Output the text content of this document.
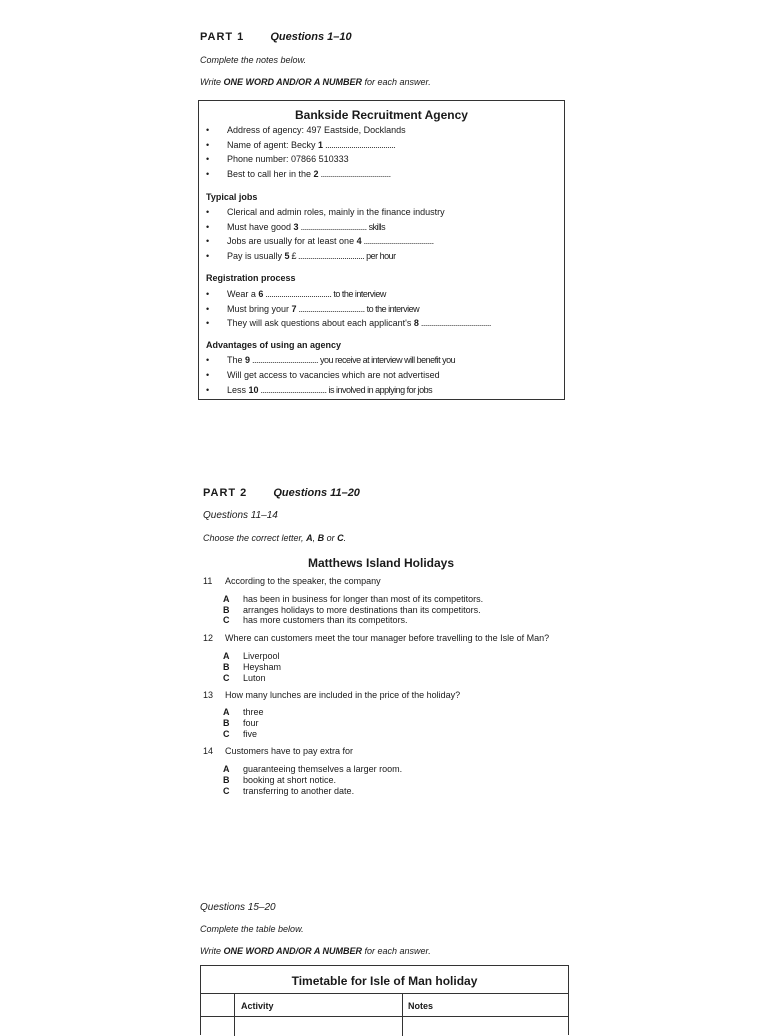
PART 1 Questions 1–10
Complete the notes below.
Write ONE WORD AND/OR A NUMBER for each answer.
Bankside Recruitment Agency
• Address of agency: 497 Eastside, Docklands
• Name of agent: Becky 1 ...................................
• Phone number: 07866 510333
• Best to call her in the 2 ...................................
Typical jobs
• Clerical and admin roles, mainly in the finance industry
• Must have good 3 ................................. skills
• Jobs are usually for at least one 4 ...................................
• Pay is usually 5 £ ................................. per hour
Registration process
• Wear a 6 ................................. to the interview
• Must bring your 7 ................................. to the interview
• They will ask questions about each applicant's 8 ...................................
Advantages of using an agency
• The 9 ................................. you receive at interview will benefit you
• Will get access to vacancies which are not advertised
• Less 10 ................................. is involved in applying for jobs
PART 2 Questions 11–20
Questions 11–14
Choose the correct letter, A, B or C.
Matthews Island Holidays
11 According to the speaker, the company
A has been in business for longer than most of its competitors.
B arranges holidays to more destinations than its competitors.
C has more customers than its competitors.
12 Where can customers meet the tour manager before travelling to the Isle of Man?
A Liverpool
B Heysham
C Luton
13 How many lunches are included in the price of the holiday?
A three
B four
C five
14 Customers have to pay extra for
A guaranteeing themselves a larger room.
B booking at short notice.
C transferring to another date.
Questions 15–20
Complete the table below.
Write ONE WORD AND/OR A NUMBER for each answer.
Timetable for Isle of Man holiday
Activity	Notes
